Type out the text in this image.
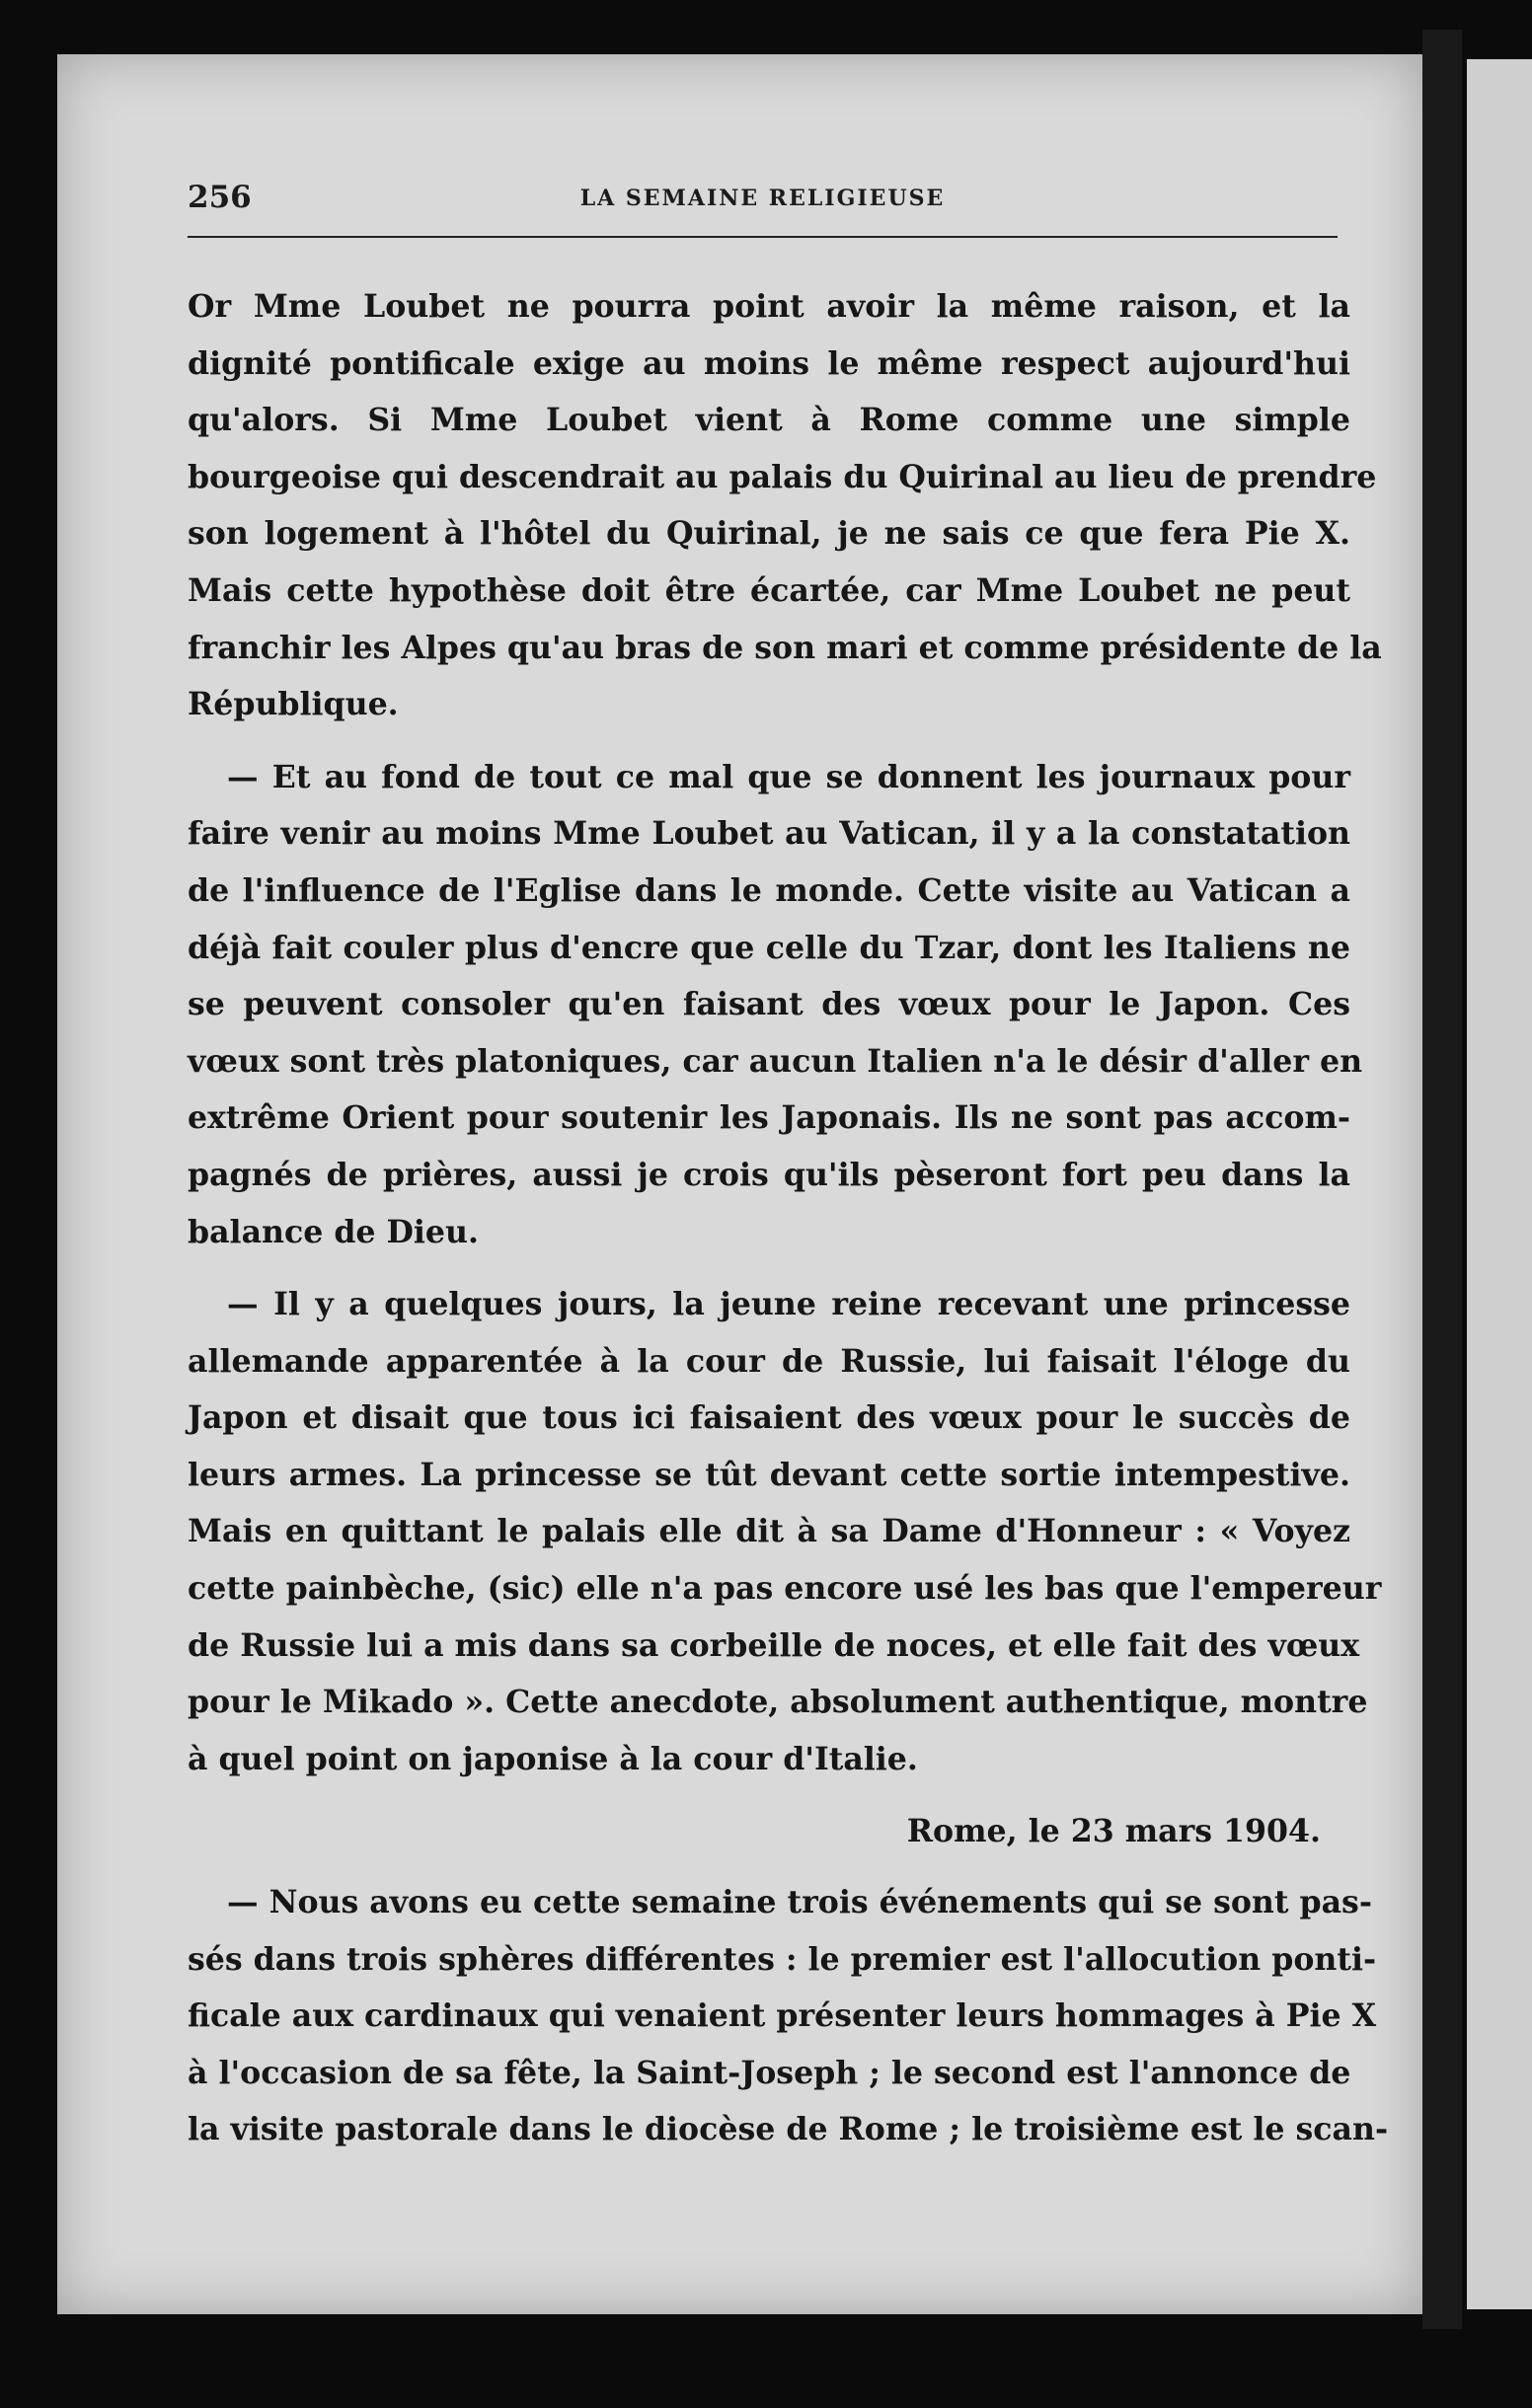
256	LA SEMAINE RELIGIEUSE

Or Mme Loubet ne pourra point avoir la même raison, et la
dignité pontificale exige au moins le même respect aujourd'hui
qu'alors. Si Mme Loubet vient à Rome comme une simple
bourgeoise qui descendrait au palais du Quirinal au lieu de prendre
son logement à l'hôtel du Quirinal, je ne sais ce que fera Pie X.
Mais cette hypothèse doit être écartée, car Mme Loubet ne peut
franchir les Alpes qu'au bras de son mari et comme présidente de la
République.

— Et au fond de tout ce mal que se donnent les journaux pour
faire venir au moins Mme Loubet au Vatican, il y a la constatation
de l'influence de l'Eglise dans le monde. Cette visite au Vatican a
déjà fait couler plus d'encre que celle du Tzar, dont les Italiens ne
se peuvent consoler qu'en faisant des vœux pour le Japon. Ces
vœux sont très platoniques, car aucun Italien n'a le désir d'aller en
extrême Orient pour soutenir les Japonais. Ils ne sont pas accom-
pagnés de prières, aussi je crois qu'ils pèseront fort peu dans la
balance de Dieu.

— Il y a quelques jours, la jeune reine recevant une princesse
allemande apparentée à la cour de Russie, lui faisait l'éloge du
Japon et disait que tous ici faisaient des vœux pour le succès de
leurs armes. La princesse se tût devant cette sortie intempestive.
Mais en quittant le palais elle dit à sa Dame d'Honneur : « Voyez
cette painbèche, (sic) elle n'a pas encore usé les bas que l'empereur
de Russie lui a mis dans sa corbeille de noces, et elle fait des vœux
pour le Mikado ». Cette anecdote, absolument authentique, montre
à quel point on japonise à la cour d'Italie.

Rome, le 23 mars 1904.

— Nous avons eu cette semaine trois événements qui se sont pas-
sés dans trois sphères différentes : le premier est l'allocution ponti-
ficale aux cardinaux qui venaient présenter leurs hommages à Pie X
à l'occasion de sa fête, la Saint-Joseph ; le second est l'annonce de
la visite pastorale dans le diocèse de Rome ; le troisième est le scan-
